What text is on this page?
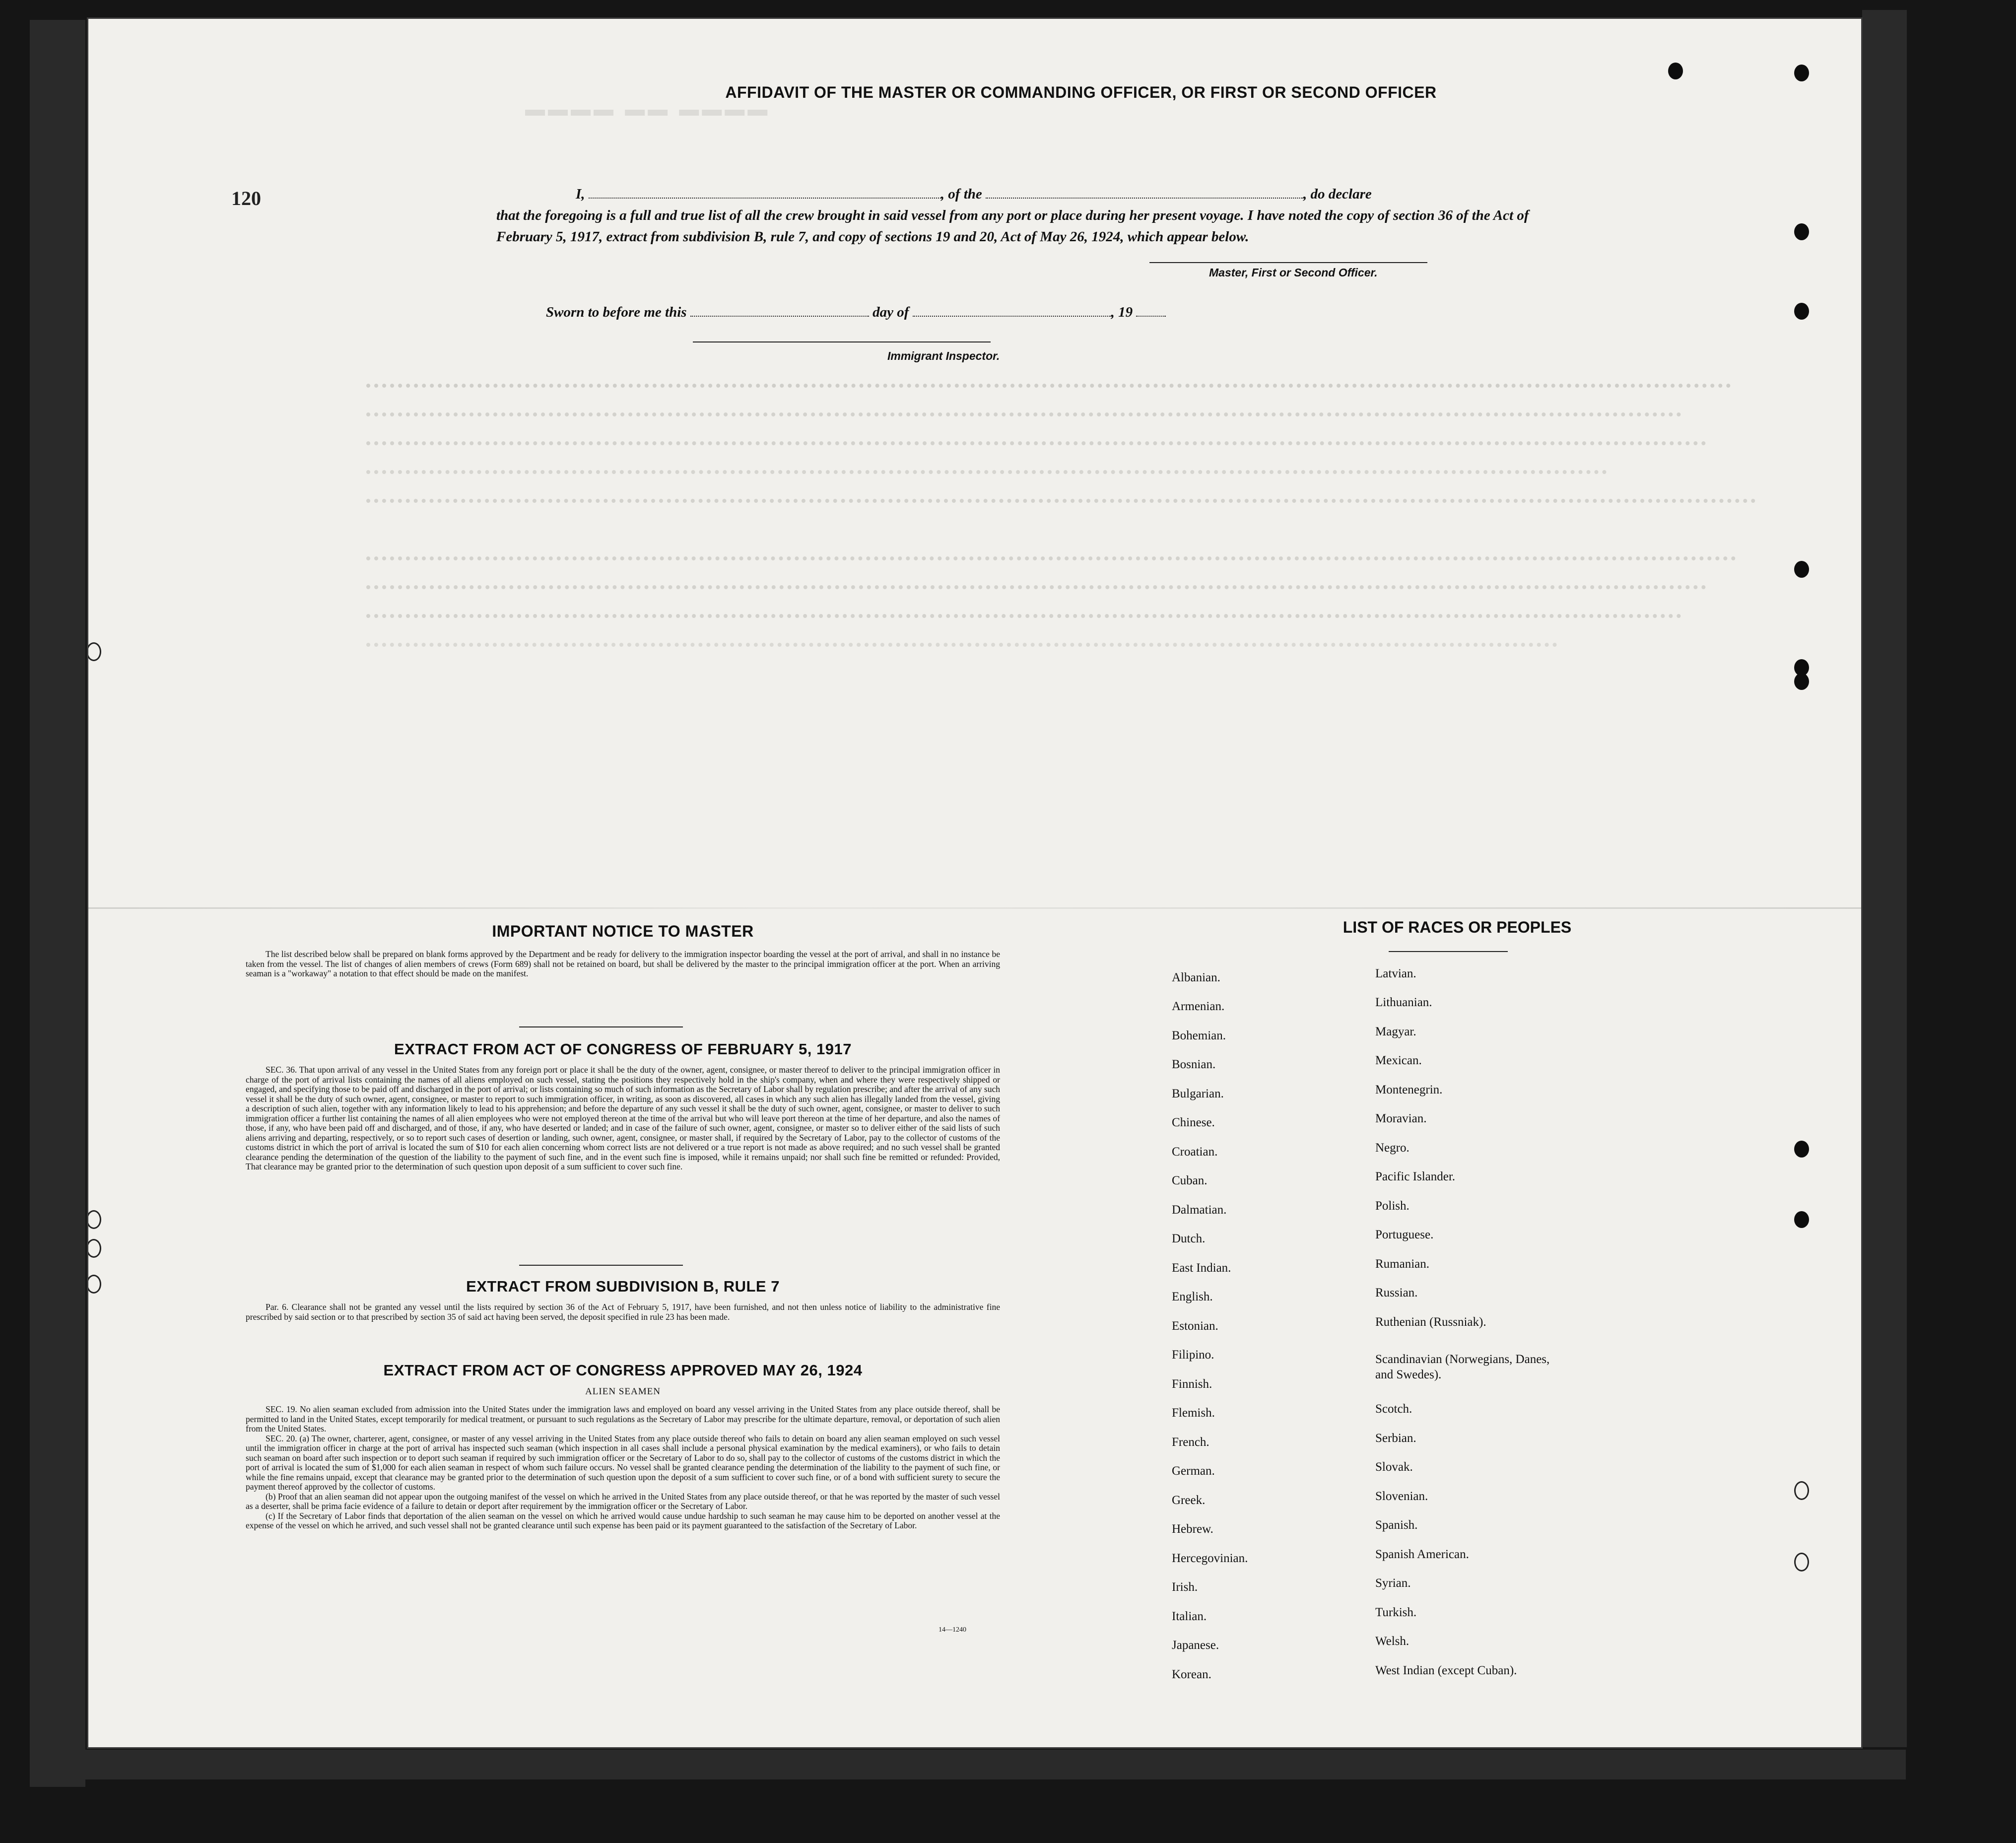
▬▬▬▬ ▬▬ ▬▬▬▬

120
AFFIDAVIT OF THE MASTER OR COMMANDING OFFICER, OR FIRST OR SECOND OFFICER
I,	, of the	, do declare
that the foregoing is a full and true list of all the crew brought in said vessel from any port or place during her present voyage. I have noted the copy of section 36 of the Act of February 5, 1917, extract from subdivision B, rule 7, and copy of sections 19 and 20, Act of May 26, 1924, which appear below.
Master, First or Second Officer.
Sworn to before me this	day of	, 19
Immigrant Inspector.
IMPORTANT NOTICE TO MASTER

The list described below shall be prepared on blank forms approved by the Department and be ready for delivery to the immigration inspector boarding the vessel at the port of arrival, and shall in no instance be taken from the vessel. The list of changes of alien members of crews (Form 689) shall not be retained on board, but shall be delivered by the master to the principal immigration officer at the port. When an arriving seaman is a "workaway" a notation to that effect should be made on the manifest.

EXTRACT FROM ACT OF CONGRESS OF FEBRUARY 5, 1917

SEC. 36. That upon arrival of any vessel in the United States from any foreign port or place it shall be the duty of the owner, agent, consignee, or master thereof to deliver to the principal immigration officer in charge of the port of arrival lists containing the names of all aliens employed on such vessel, stating the positions they respectively hold in the ship's company, when and where they were respectively shipped or engaged, and specifying those to be paid off and discharged in the port of arrival; or lists containing so much of such information as the Secretary of Labor shall by regulation prescribe; and after the arrival of any such vessel it shall be the duty of such owner, agent, consignee, or master to report to such immigration officer, in writing, as soon as discovered, all cases in which any such alien has illegally landed from the vessel, giving a description of such alien, together with any information likely to lead to his apprehension; and before the departure of any such vessel it shall be the duty of such owner, agent, consignee, or master to deliver to such immigration officer a further list containing the names of all alien employees who were not employed thereon at the time of the arrival but who will leave port thereon at the time of her departure, and also the names of those, if any, who have been paid off and discharged, and of those, if any, who have deserted or landed; and in case of the failure of such owner, agent, consignee, or master so to deliver either of the said lists of such aliens arriving and departing, respectively, or so to report such cases of desertion or landing, such owner, agent, consignee, or master shall, if required by the Secretary of Labor, pay to the collector of customs of the customs district in which the port of arrival is located the sum of $10 for each alien concerning whom correct lists are not delivered or a true report is not made as above required; and no such vessel shall be granted clearance pending the determination of the question of the liability to the payment of such fine, and in the event such fine is imposed, while it remains unpaid; nor shall such fine be remitted or refunded: Provided, That clearance may be granted prior to the determination of such question upon deposit of a sum sufficient to cover such fine.

EXTRACT FROM SUBDIVISION B, RULE 7

Par. 6. Clearance shall not be granted any vessel until the lists required by section 36 of the Act of February 5, 1917, have been furnished, and not then unless notice of liability to the administrative fine prescribed by said section or to that prescribed by section 35 of said act having been served, the deposit specified in rule 23 has been made.

EXTRACT FROM ACT OF CONGRESS APPROVED MAY 26, 1924
ALIEN SEAMEN

SEC. 19. No alien seaman excluded from admission into the United States under the immigration laws and employed on board any vessel arriving in the United States from any place outside thereof, shall be permitted to land in the United States, except temporarily for medical treatment, or pursuant to such regulations as the Secretary of Labor may prescribe for the ultimate departure, removal, or deportation of such alien from the United States.

SEC. 20. (a) The owner, charterer, agent, consignee, or master of any vessel arriving in the United States from any place outside thereof who fails to detain on board any alien seaman employed on such vessel until the immigration officer in charge at the port of arrival has inspected such seaman (which inspection in all cases shall include a personal physical examination by the medical examiners), or who fails to detain such seaman on board after such inspection or to deport such seaman if required by such immigration officer or the Secretary of Labor to do so, shall pay to the collector of customs of the customs district in which the port of arrival is located the sum of $1,000 for each alien seaman in respect of whom such failure occurs. No vessel shall be granted clearance pending the determination of the liability to the payment of such fine, or while the fine remains unpaid, except that clearance may be granted prior to the determination of such question upon the deposit of a sum sufficient to cover such fine, or of a bond with sufficient surety to secure the payment thereof approved by the collector of customs.

(b) Proof that an alien seaman did not appear upon the outgoing manifest of the vessel on which he arrived in the United States from any place outside thereof, or that he was reported by the master of such vessel as a deserter, shall be prima facie evidence of a failure to detain or deport after requirement by the immigration officer or the Secretary of Labor.

(c) If the Secretary of Labor finds that deportation of the alien seaman on the vessel on which he arrived would cause undue hardship to such seaman he may cause him to be deported on another vessel at the expense of the vessel on which he arrived, and such vessel shall not be granted clearance until such expense has been paid or its payment guaranteed to the satisfaction of the Secretary of Labor.

14—1240
LIST OF RACES OR PEOPLES
Albanian.
Armenian.
Bohemian.
Bosnian.
Bulgarian.
Chinese.
Croatian.
Cuban.
Dalmatian.
Dutch.
East Indian.
English.
Estonian.
Filipino.
Finnish.
Flemish.
French.
German.
Greek.
Hebrew.
Hercegovinian.
Irish.
Italian.
Japanese.
Korean.
Latvian.
Lithuanian.
Magyar.
Mexican.
Montenegrin.
Moravian.
Negro.
Pacific Islander.
Polish.
Portuguese.
Rumanian.
Russian.
Ruthenian (Russniak).
Scandinavian (Norwegians, Danes, and Swedes).
Scotch.
Serbian.
Slovak.
Slovenian.
Spanish.
Spanish American.
Syrian.
Turkish.
Welsh.
West Indian (except Cuban).
